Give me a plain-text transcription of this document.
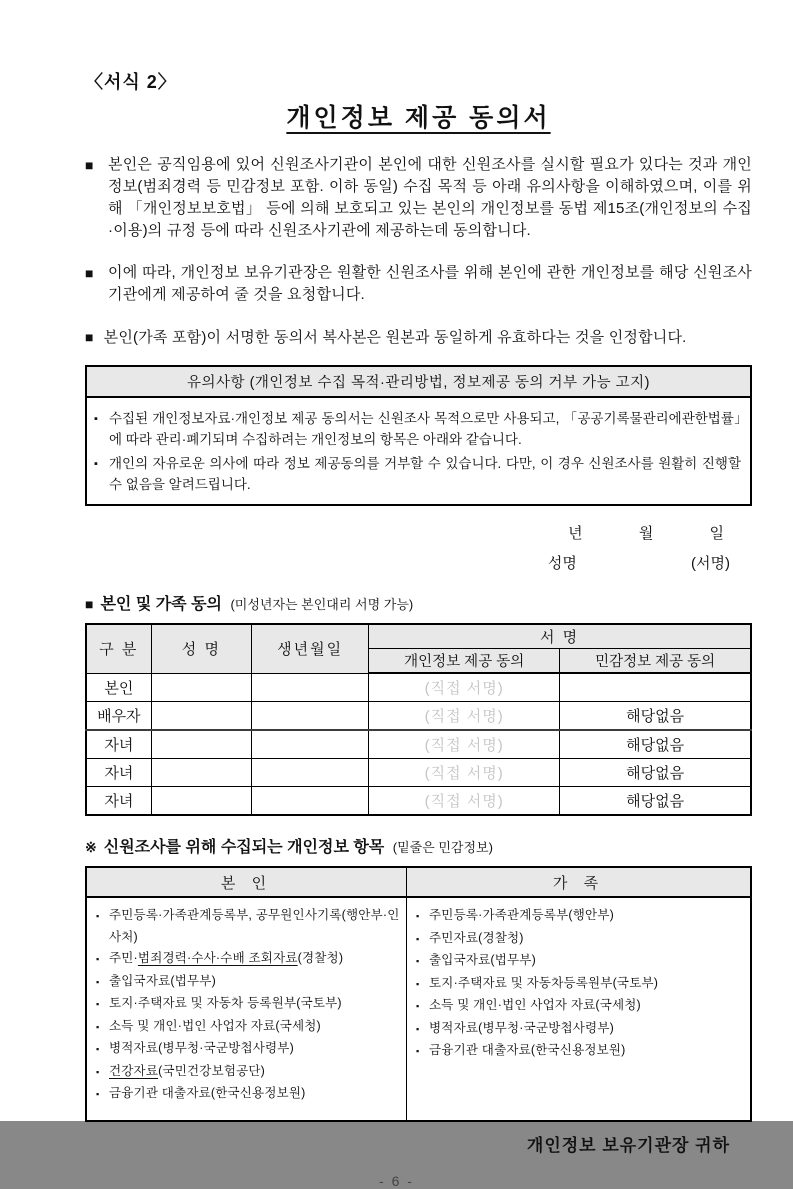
〈서식 2〉
개인정보 제공 동의서
■ 본인은 공직임용에 있어 신원조사기관이 본인에 대한 신원조사를 실시할 필요가 있다는 것과 개인정보(범죄경력 등 민감정보 포함. 이하 동일) 수집 목적 등 아래 유의사항을 이해하였으며, 이를 위해 「개인정보보호법」 등에 의해 보호되고 있는 본인의 개인정보를 동법 제15조(개인정보의 수집·이용)의 규정 등에 따라 신원조사기관에 제공하는데 동의합니다.
■ 이에 따라, 개인정보 보유기관장은 원활한 신원조사를 위해 본인에 관한 개인정보를 해당 신원조사기관에게 제공하여 줄 것을 요청합니다.
■ 본인(가족 포함)이 서명한 동의서 복사본은 원본과 동일하게 유효하다는 것을 인정합니다.
유의사항 (개인정보 수집 목적·관리방법, 정보제공 동의 거부 가능 고지)
▪ 수집된 개인정보자료·개인정보 제공 동의서는 신원조사 목적으로만 사용되고, 「공공기록물관리에관한법률」에 따라 관리·폐기되며 수집하려는 개인정보의 항목은 아래와 같습니다.
▪ 개인의 자유로운 의사에 따라 정보 제공동의를 거부할 수 있습니다. 다만, 이 경우 신원조사를 원활히 진행할 수 없음을 알려드립니다.
년	월	일
성명	(서명)
■ 본인 및 가족 동의 (미성년자는 본인대리 서명 가능)
구 분	성 명	생년월일	서 명	
			개인정보 제공 동의	민감정보 제공 동의
본인			(직접 서명)	
배우자			(직접 서명)	해당없음
자녀			(직접 서명)	해당없음
자녀			(직접 서명)	해당없음
자녀			(직접 서명)	해당없음
※ 신원조사를 위해 수집되는 개인정보 항목 (밑줄은 민감정보)
본 인	가 족

▪ 주민등록·가족관계등록부, 공무원인사기록(행안부·인사처)
▪ 주민· 범죄경력·수사·수배 조회자료 (경찰청)
▪ 출입국자료(법무부)
▪ 토지·주택자료 및 자동차 등록원부(국토부)
▪ 소득 및 개인·법인 사업자 자료(국세청)
▪ 병적자료(병무청·국군방첩사령부)
▪ 건강자료 (국민건강보험공단)
▪ 금융기관 대출자료(한국신용정보원)

▪ 주민등록·가족관계등록부(행안부)
▪ 주민자료(경찰청)
▪ 출입국자료(법무부)
▪ 토지·주택자료 및 자동차등록원부(국토부)
▪ 소득 및 개인·법인 사업자 자료(국세청)
▪ 병적자료(병무청·국군방첩사령부)
▪ 금융기관 대출자료(한국신용정보원)
개인정보 보유기관장 귀하
- 6 -
